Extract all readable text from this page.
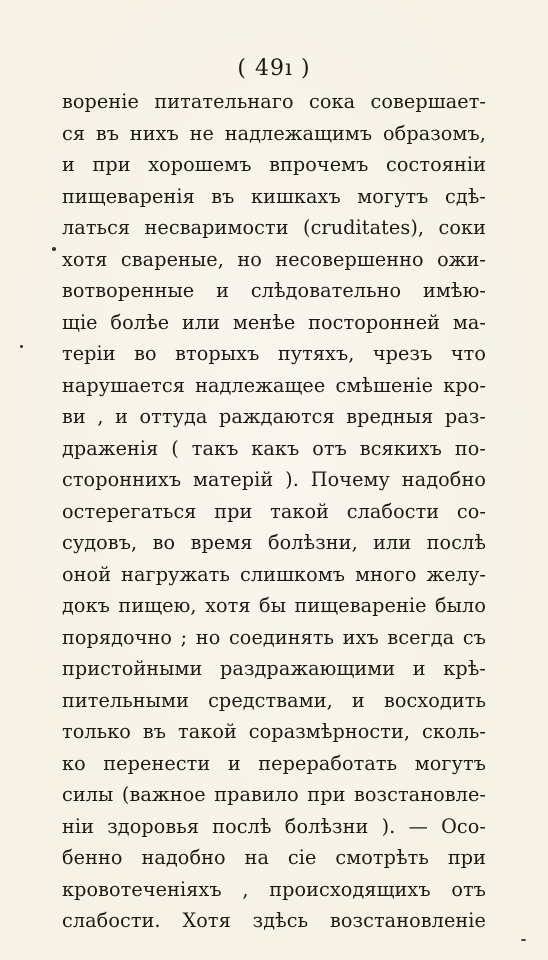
( 49ı )
вореніе питательнаго сока совершает-
ся въ нихъ не надлежащимъ образомъ,
и при хорошемъ впрочемъ состояніи
пищеваренія въ кишкахъ могутъ сдѣ-
латься несваримости (cruditates), соки
хотя свареные, но несовершенно ожи-
вотворенные и слѣдовательно имѣю-
щіе болѣе или менѣе посторонней ма-
теріи во вторыхъ путяхъ, чрезъ что
нарушается надлежащее смѣшеніе кро-
ви , и оттуда раждаются вредныя раз-
драженія ( такъ какъ отъ всякихъ по-
стороннихъ матерій ). Почему надобно
остерегаться при такой слабости со-
судовъ, во время болѣзни, или послѣ
оной нагружать слишкомъ много желу-
докъ пищею, хотя бы пищевареніе было
порядочно ; но соединять ихъ всегда съ
пристойными раздражающими и крѣ-
пительными средствами, и восходить
только въ такой соразмѣрности, сколь-
ко перенести и переработать могутъ
силы (важное правило при возстановле-
ніи здоровья послѣ болѣзни ). — Осо-
бенно надобно на сіе смотрѣть при
кровотеченіяхъ , происходящихъ отъ
слабости. Хотя здѣсь возстановленіе
